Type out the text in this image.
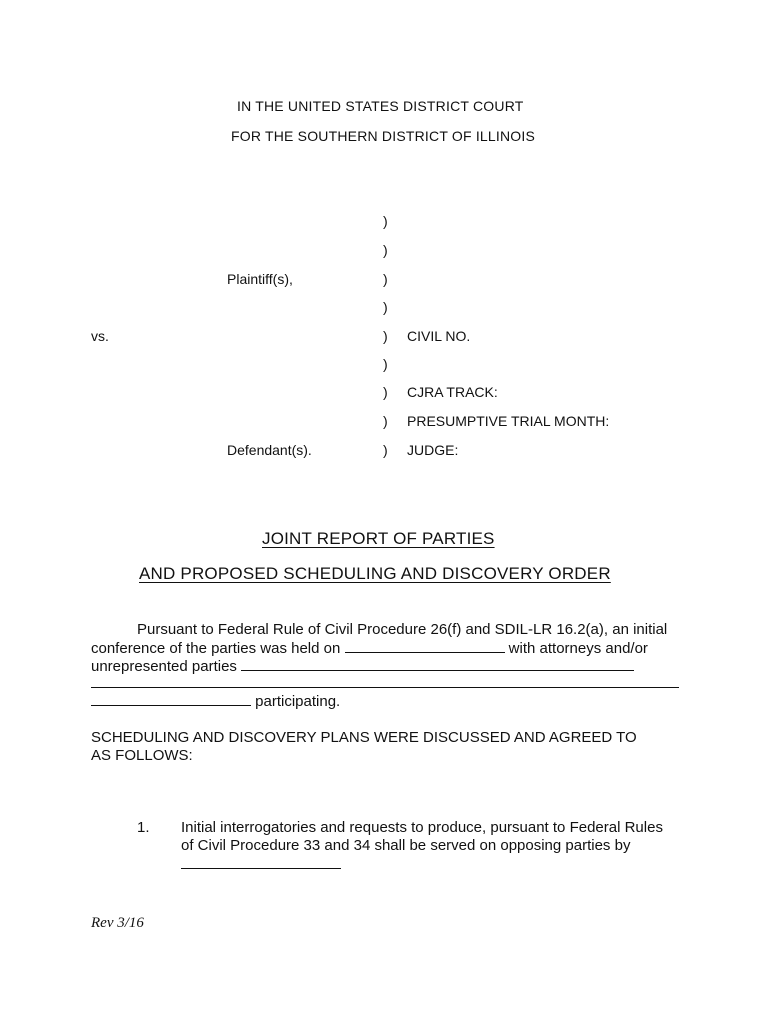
IN THE UNITED STATES DISTRICT COURT
FOR THE SOUTHERN DISTRICT OF ILLINOIS
)
)
)
)
)
)
)
)
)
Plaintiff(s),
vs.
Defendant(s).
CIVIL NO.
CJRA TRACK:
PRESUMPTIVE TRIAL MONTH:
JUDGE:
JOINT REPORT OF PARTIES
AND PROPOSED SCHEDULING AND DISCOVERY ORDER
Pursuant to Federal Rule of Civil Procedure 26(f) and SDIL-LR 16.2(a), an initial
conference of the parties was held on	with attorneys and/or
unrepresented parties
participating.
SCHEDULING AND DISCOVERY PLANS WERE DISCUSSED AND AGREED TO
AS FOLLOWS:
1. Initial interrogatories and requests to produce, pursuant to Federal Rules
of Civil Procedure 33 and 34 shall be served on opposing parties by
Rev 3/16
